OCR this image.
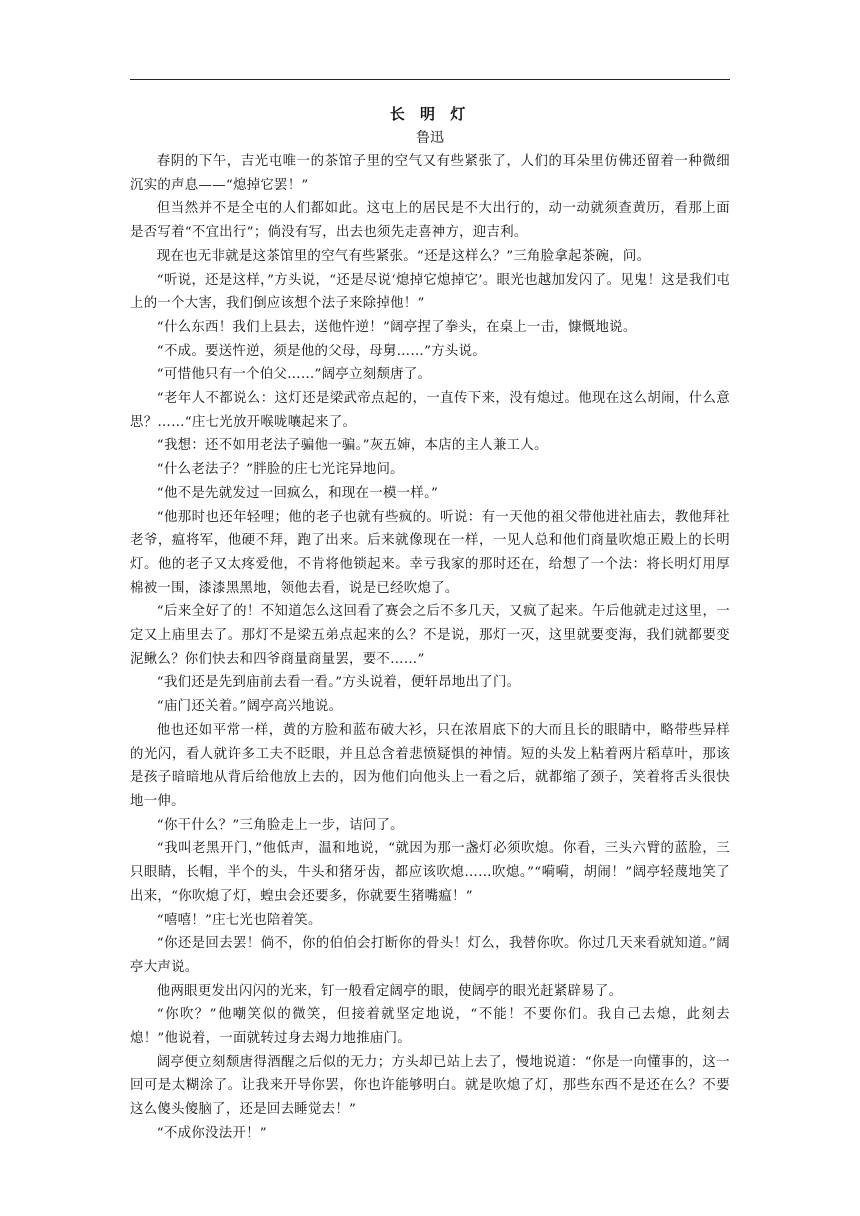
长 明 灯
鲁迅

春阴的下午，吉光屯唯一的茶馆子里的空气又有些紧张了，人们的耳朵里仿佛还留着一种微细沉实的声息——“熄掉它罢！”

但当然并不是全屯的人们都如此。这屯上的居民是不大出行的，动一动就须查黄历，看那上面是否写着“不宜出行”；倘没有写，出去也须先走喜神方，迎吉利。

现在也无非就是这茶馆里的空气有些紧张。“还是这样么？”三角脸拿起茶碗，问。

“听说，还是这样，”方头说，“还是尽说‘熄掉它熄掉它’。眼光也越加发闪了。见鬼！这是我们屯上的一个大害，我们倒应该想个法子来除掉他！”

“什么东西！我们上县去，送他忤逆！”阔亭捏了拳头，在桌上一击，慷慨地说。

“不成。要送忤逆，须是他的父母，母舅……”方头说。

“可惜他只有一个伯父……”阔亭立刻颓唐了。

“老年人不都说么：这灯还是梁武帝点起的，一直传下来，没有熄过。他现在这么胡闹，什么意思？……“庄七光放开喉咙嚷起来了。

“我想：还不如用老法子骗他一骗。”灰五婶，本店的主人兼工人。

“什么老法子？”胖脸的庄七光诧异地问。

“他不是先就发过一回疯么，和现在一模一样。”

“他那时也还年轻哩；他的老子也就有些疯的。听说：有一天他的祖父带他进社庙去，教他拜社老爷，瘟将军，他硬不拜，跑了出来。后来就像现在一样，一见人总和他们商量吹熄正殿上的长明灯。他的老子又太疼爱他，不肯将他锁起来。幸亏我家的那时还在，给想了一个法：将长明灯用厚棉被一围，漆漆黑黑地，领他去看，说是已经吹熄了。

“后来全好了的！不知道怎么这回看了赛会之后不多几天，又疯了起来。午后他就走过这里，一定又上庙里去了。那灯不是梁五弟点起来的么？不是说，那灯一灭，这里就要变海，我们就都要变泥鳅么？你们快去和四爷商量商量罢，要不……”

“我们还是先到庙前去看一看。”方头说着，便轩昂地出了门。

“庙门还关着。”阔亭高兴地说。

他也还如平常一样，黄的方脸和蓝布破大衫，只在浓眉底下的大而且长的眼睛中，略带些异样的光闪，看人就许多工夫不眨眼，并且总含着悲愤疑惧的神情。短的头发上粘着两片稻草叶，那该是孩子暗暗地从背后给他放上去的，因为他们向他头上一看之后，就都缩了颈子，笑着将舌头很快地一伸。

“你干什么？”三角脸走上一步，诘问了。

“我叫老黑开门，”他低声，温和地说，“就因为那一盏灯必须吹熄。你看，三头六臂的蓝脸，三只眼睛，长帽，半个的头，牛头和猪牙齿，都应该吹熄……吹熄。”“嗬嗬，胡闹！”阔亭轻蔑地笑了出来，“你吹熄了灯，蝗虫会还要多，你就要生猪嘴瘟！”

“嘻嘻！”庄七光也陪着笑。

“你还是回去罢！倘不，你的伯伯会打断你的骨头！灯么，我替你吹。你过几天来看就知道。”阔亭大声说。

他两眼更发出闪闪的光来，钉一般看定阔亭的眼，使阔亭的眼光赶紧辟易了。

“你吹？”他嘲笑似的微笑，但接着就坚定地说，“不能！不要你们。我自己去熄，此刻去熄！”他说着，一面就转过身去竭力地推庙门。

阔亭便立刻颓唐得酒醒之后似的无力；方头却已站上去了，慢地说道：“你是一向懂事的，这一回可是太糊涂了。让我来开导你罢，你也许能够明白。就是吹熄了灯，那些东西不是还在么？不要这么傻头傻脑了，还是回去睡觉去！”

“不成你没法开！”
